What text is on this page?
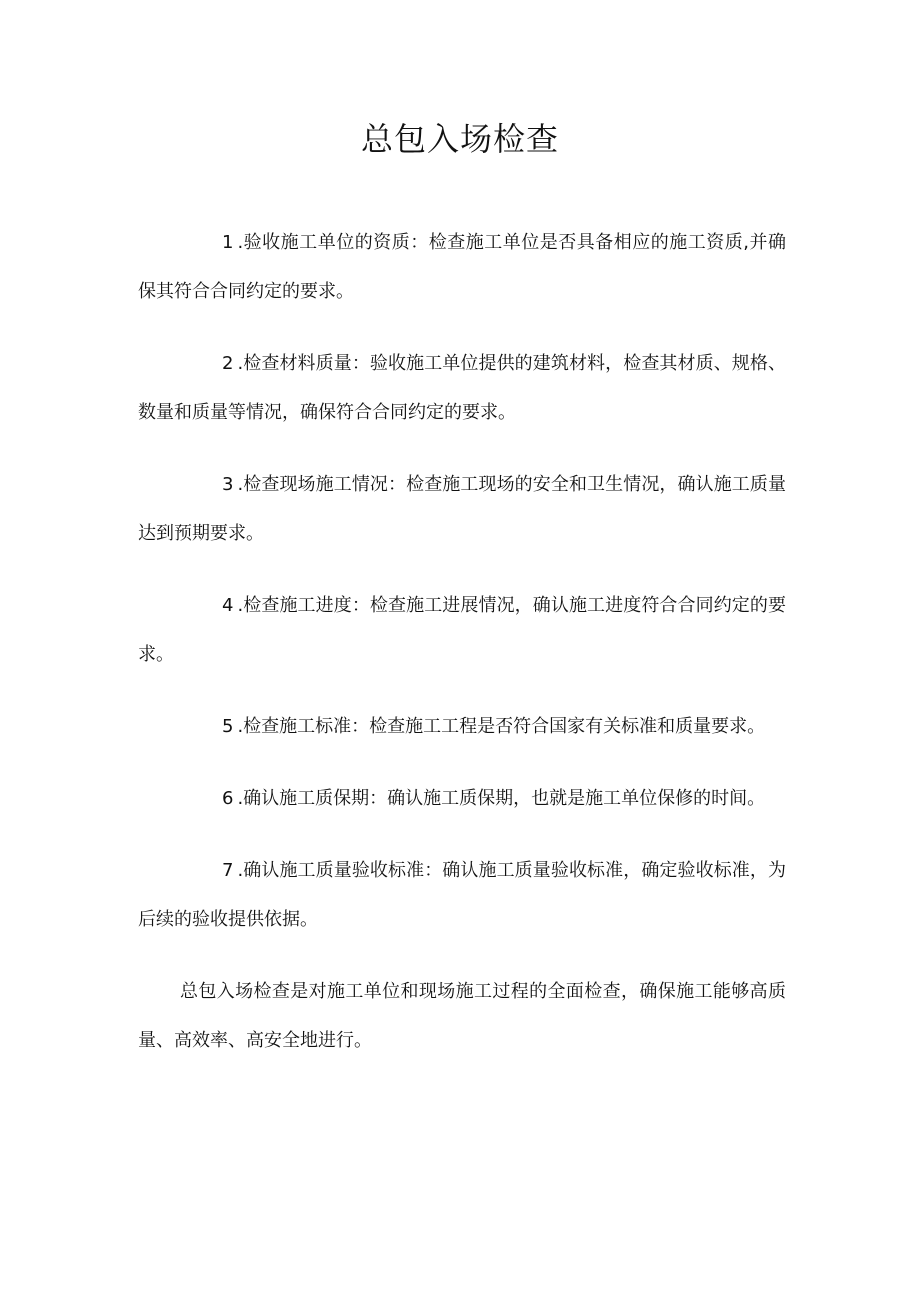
总包入场检查

1 .验收施工单位的资质：检查施工单位是否具备相应的施工资质,并确保其符合合同约定的要求。

2 .检查材料质量：验收施工单位提供的建筑材料，检查其材质、规格、数量和质量等情况，确保符合合同约定的要求。

3 .检查现场施工情况：检查施工现场的安全和卫生情况，确认施工质量达到预期要求。

4 .检查施工进度：检查施工进展情况，确认施工进度符合合同约定的要求。

5 .检查施工标准：检查施工工程是否符合国家有关标准和质量要求。

6 .确认施工质保期：确认施工质保期，也就是施工单位保修的时间。

7 .确认施工质量验收标准：确认施工质量验收标准，确定验收标准，为后续的验收提供依据。

总包入场检查是对施工单位和现场施工过程的全面检查，确保施工能够高质量、高效率、高安全地进行。
